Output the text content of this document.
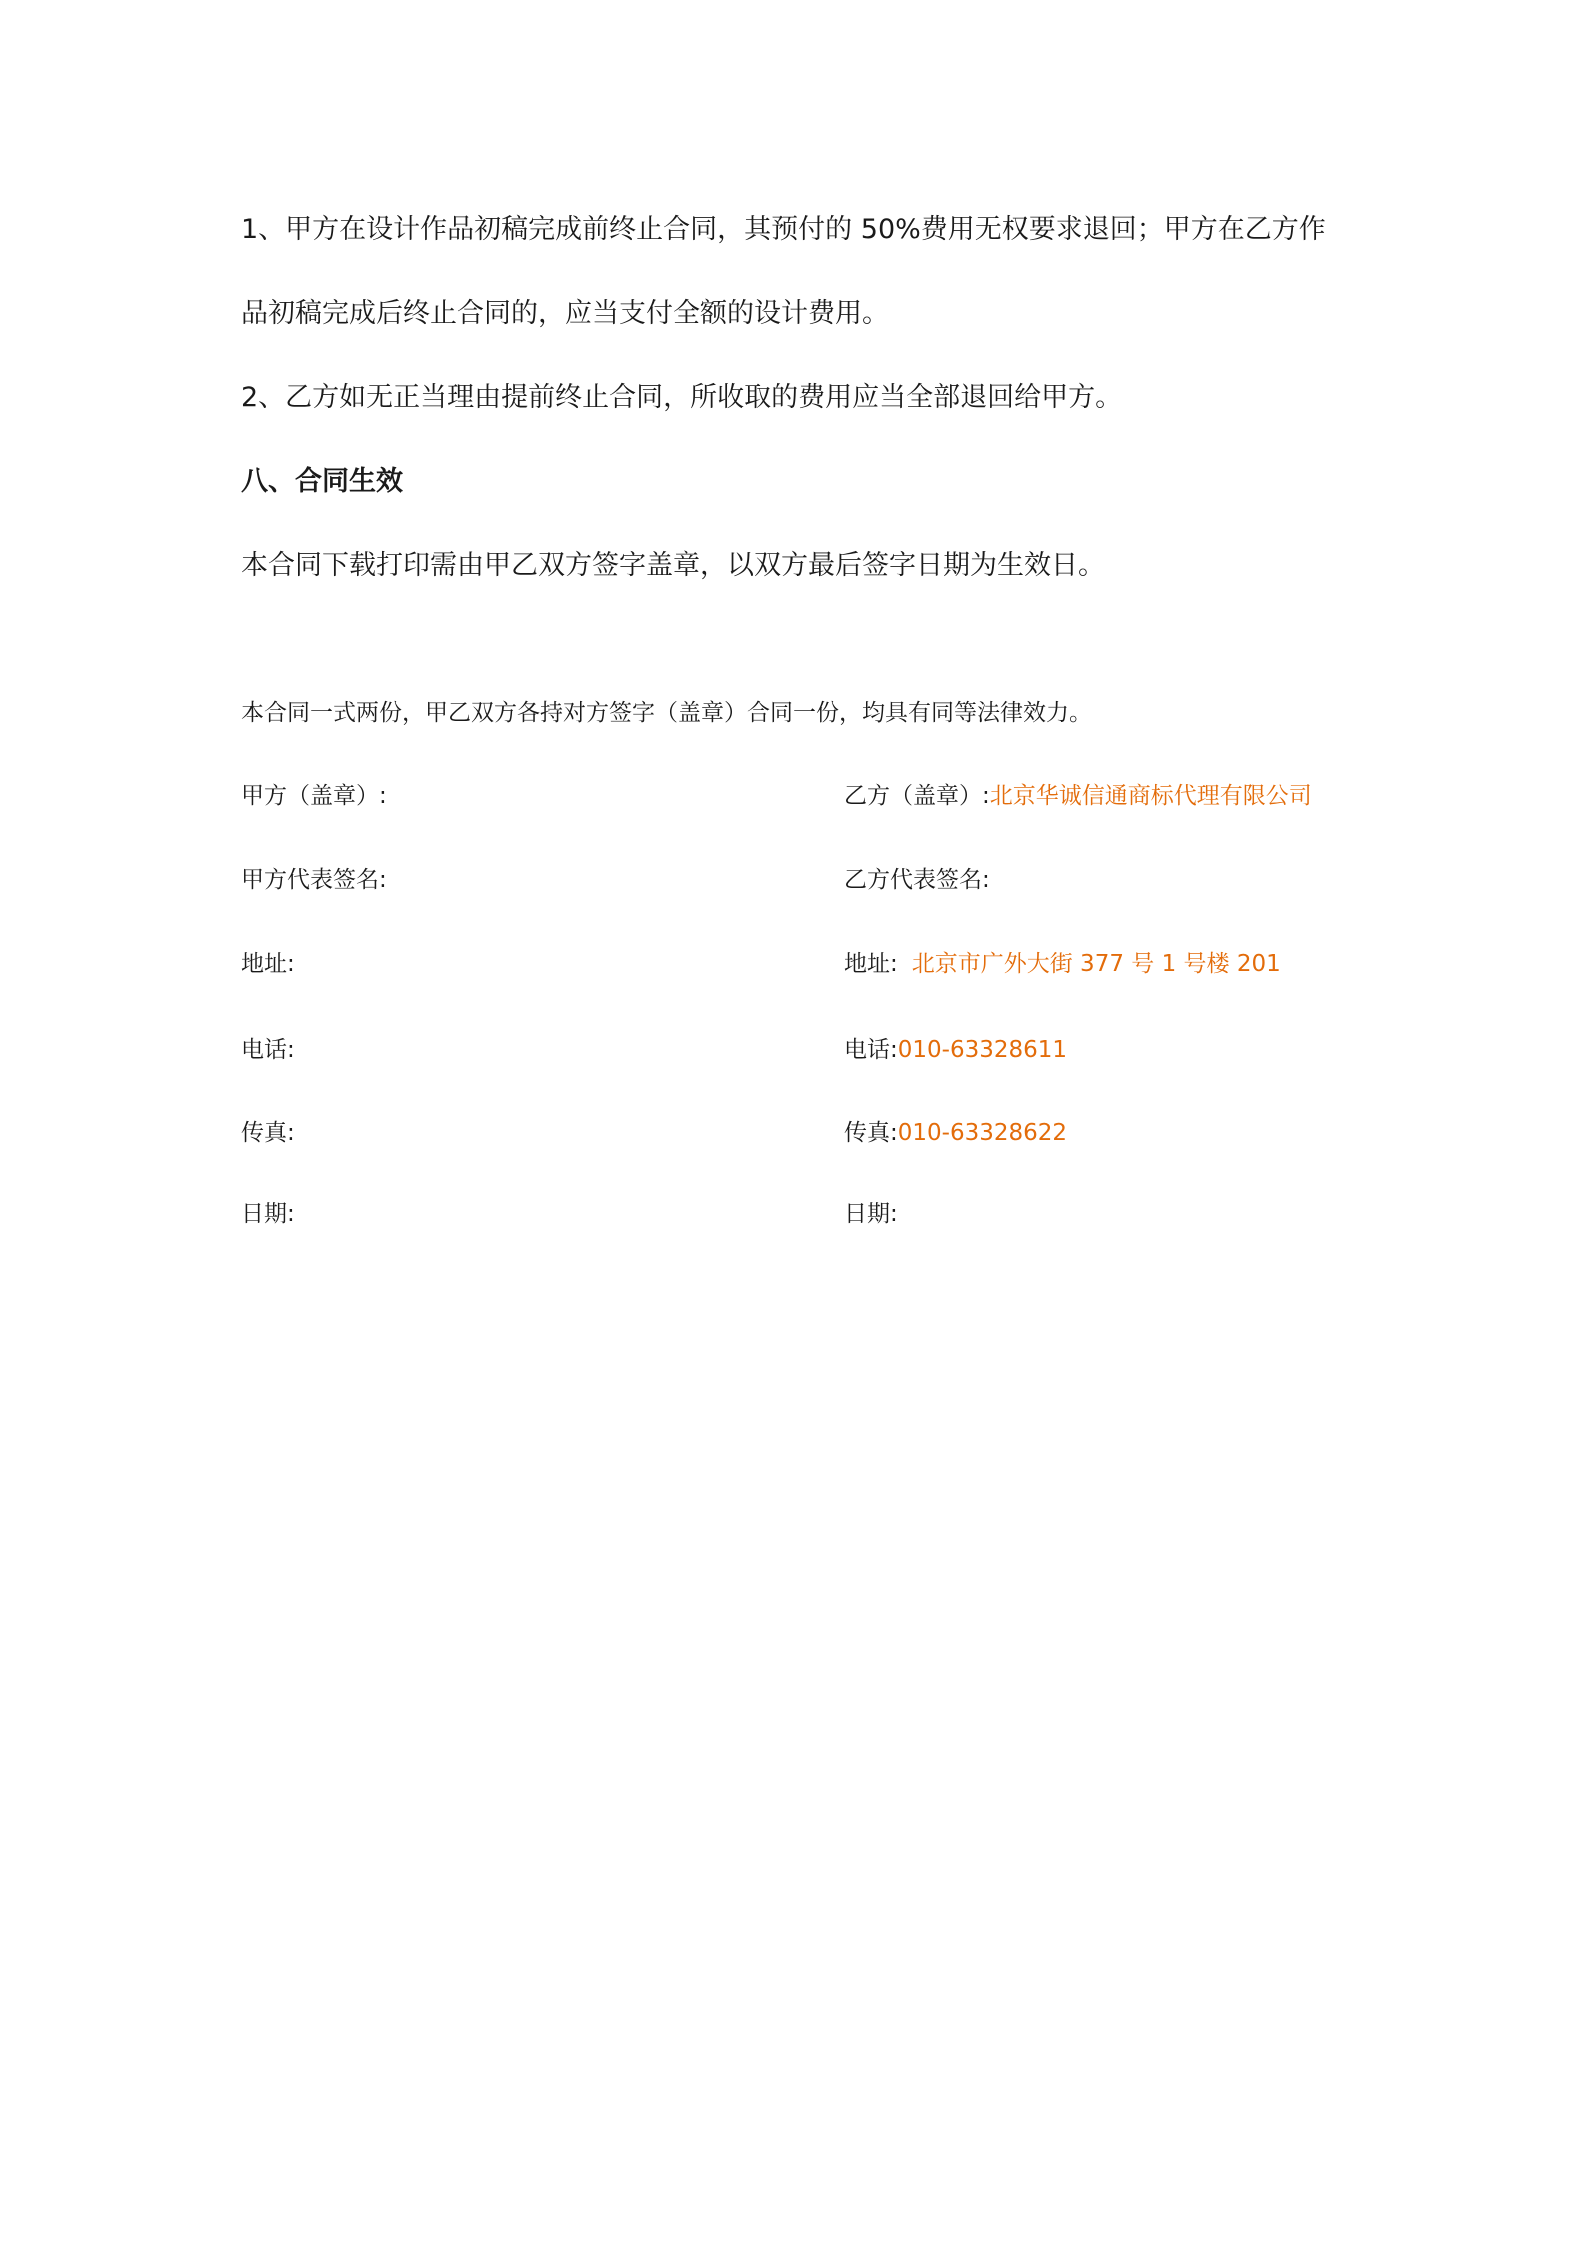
1、甲方在设计作品初稿完成前终止合同，其预付的 50%费用无权要求退回；甲方在乙方作
品初稿完成后终止合同的，应当支付全额的设计费用。
2、乙方如无正当理由提前终止合同，所收取的费用应当全部退回给甲方。
八、合同生效
本合同下载打印需由甲乙双方签字盖章，以双方最后签字日期为生效日。
本合同一式两份，甲乙双方各持对方签字（盖章）合同一份，均具有同等法律效力。
甲方（盖章）:
甲方代表签名:
地址:
电话:
传真:
日期:
乙方（盖章）:北京华诚信通商标代理有限公司
乙方代表签名:
地址: 北京市广外大街 377 号 1 号楼 201
电话:010-63328611
传真:010-63328622
日期:
